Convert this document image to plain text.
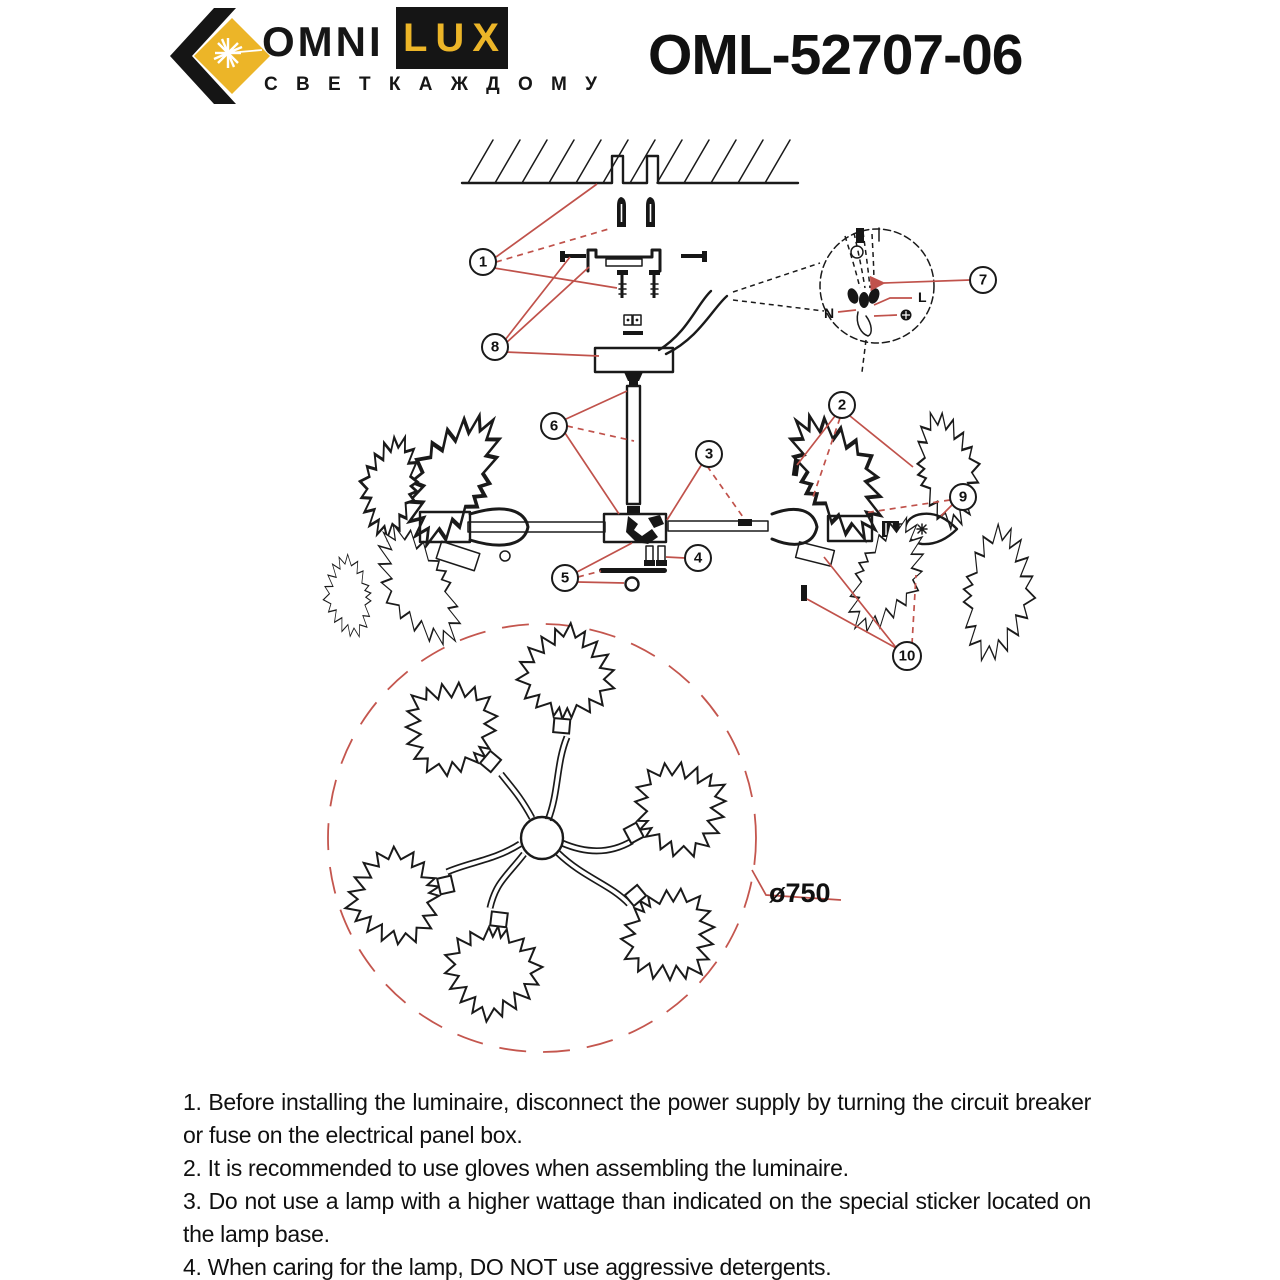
OMNI LUX
С В Е Т К А Ж Д О М У OML-52707-06
L
N
1
8
6
3
4
5
2
9
10
7
ø750

1. Before installing the luminaire, disconnect the power supply by turning the circuit breaker or fuse on the electrical panel box.

2. It is recommended to use gloves when assembling the luminaire.

3. Do not use a lamp with a higher wattage than indicated on the special sticker located on the lamp base.

4. When caring for the lamp, DO NOT use aggressive detergents.
